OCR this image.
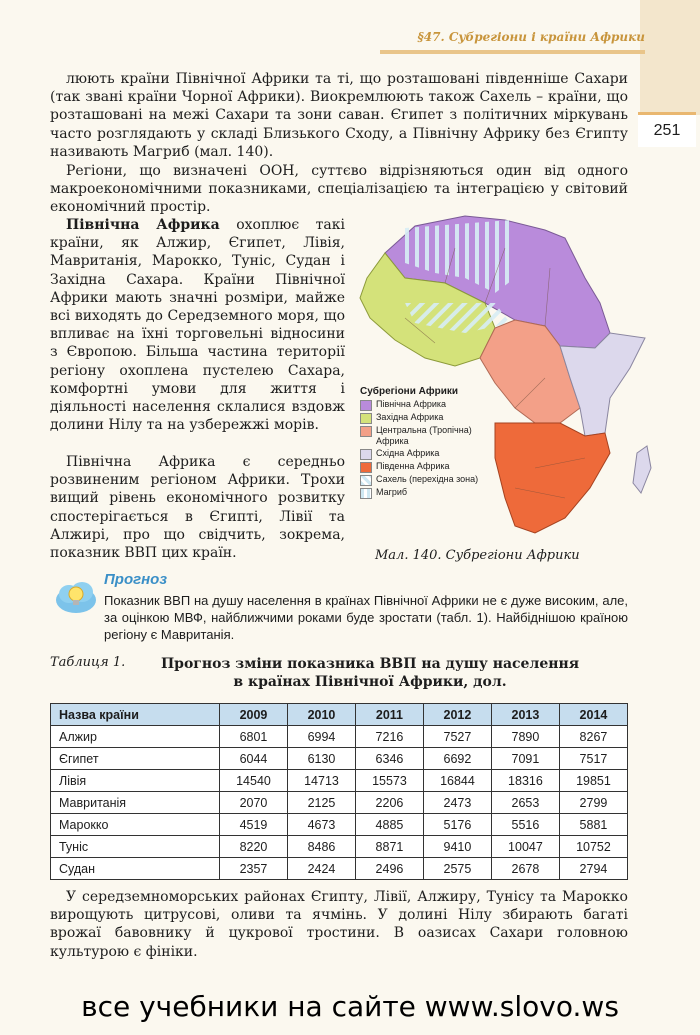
§47. Субрегіони і країни Африки
251

люють країни Північної Африки та ті, що розташовані південніше Сахари (так звані країни Чорної Африки). Виокремлюють також Сахель – країни, що розташовані на межі Сахари та зони саван. Єгипет з політичних міркувань часто розглядають у складі Близького Сходу, а Північну Африку без Єгипту називають Магриб (мал. 140).

Регіони, що визначені ООН, суттєво відрізняються один від одного макроекономічними показниками, спеціалізацією та інтеграцією у світовий економічний простір.

Північна Африка охоплює такі країни, як Алжир, Єгипет, Лівія, Мавританія, Марокко, Туніс, Судан і Західна Сахара. Країни Північної Африки мають значні розміри, майже всі виходять до Середземного моря, що впливає на їхні торговельні відносини з Європою. Більша частина території регіону охоплена пустелею Сахара, комфортні умови для життя і діяльності населення склалися вздовж долини Нілу та на узбережжі морів.

Північна Африка є середньо розвиненим регіоном Африки. Трохи вищий рівень економічного розвитку спостерігається в Єгипті, Лівії та Алжирі, про що свідчить, зокрема, показник ВВП цих країн.

Субрегіони Африки
Північна Африка
Західна Африка
Центральна (Тропічна) Африка
Східна Африка
Південна Африка
Сахель (перехідна зона)
Магриб
Мал. 140. Субрегіони Африки
Прогноз

Показник ВВП на душу населення в країнах Північної Африки не є дуже високим, але, за оцінкою МВФ, найближчими роками буде зростати (табл. 1). Найбіднішою країною регіону є Мавританія.

Таблиця 1.	Прогноз зміни показника ВВП на душу населення
в країнах Північної Африки, дол.
Назва країни	2009	2010	2011	2012	2013	2014
Алжир	6801	6994	7216	7527	7890	8267
Єгипет	6044	6130	6346	6692	7091	7517
Лівія	14540	14713	15573	16844	18316	19851
Мавританія	2070	2125	2206	2473	2653	2799
Марокко	4519	4673	4885	5176	5516	5881
Туніс	8220	8486	8871	9410	10047	10752
Судан	2357	2424	2496	2575	2678	2794

У середземноморських районах Єгипту, Лівії, Алжиру, Тунісу та Марокко вирощують цитрусові, оливи та ячмінь. У долині Нілу збирають багаті врожаї бавовнику й цукрової тростини. В оазисах Сахари головною культурою є фініки.

все учебники на сайте www.slovo.ws
